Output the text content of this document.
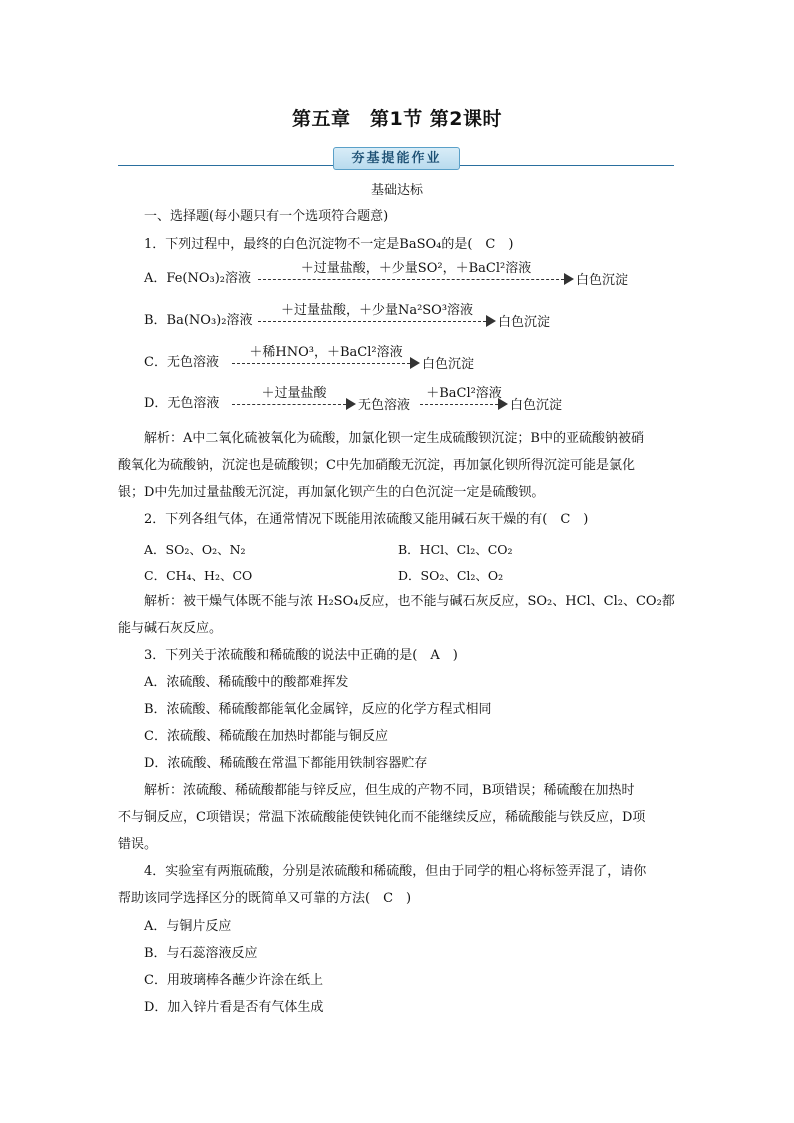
第五章　第1节 第2课时
夯基提能作业
基础达标
一、选择题(每小题只有一个选项符合题意)
1．下列过程中，最终的白色沉淀物不一定是BaSO₄的是(　C　)
A．Fe(NO₃)₂溶液
＋过量盐酸，＋少量SO²，＋BaCl²溶液
白色沉淀
B．Ba(NO₃)₂溶液
＋过量盐酸，＋少量Na²SO³溶液
白色沉淀
C．无色溶液
＋稀HNO³，＋BaCl²溶液
白色沉淀
D．无色溶液
＋过量盐酸
无色溶液
＋BaCl²溶液
白色沉淀
解析：A中二氧化硫被氧化为硫酸，加氯化钡一定生成硫酸钡沉淀；B中的亚硫酸钠被硝
酸氧化为硫酸钠，沉淀也是硫酸钡；C中先加硝酸无沉淀，再加氯化钡所得沉淀可能是氯化
银；D中先加过量盐酸无沉淀，再加氯化钡产生的白色沉淀一定是硫酸钡。
2．下列各组气体，在通常情况下既能用浓硫酸又能用碱石灰干燥的有(　C　)
A．SO₂、O₂、N₂	B．HCl、Cl₂、CO₂
C．CH₄、H₂、CO	D．SO₂、Cl₂、O₂
解析：被干燥气体既不能与浓 H₂SO₄反应，也不能与碱石灰反应，SO₂、HCl、Cl₂、CO₂都
能与碱石灰反应。
3．下列关于浓硫酸和稀硫酸的说法中正确的是(　A　)
A．浓硫酸、稀硫酸中的酸都难挥发
B．浓硫酸、稀硫酸都能氧化金属锌，反应的化学方程式相同
C．浓硫酸、稀硫酸在加热时都能与铜反应
D．浓硫酸、稀硫酸在常温下都能用铁制容器贮存
解析：浓硫酸、稀硫酸都能与锌反应，但生成的产物不同，B项错误；稀硫酸在加热时
不与铜反应，C项错误；常温下浓硫酸能使铁钝化而不能继续反应，稀硫酸能与铁反应，D项
错误。
4．实验室有两瓶硫酸，分别是浓硫酸和稀硫酸，但由于同学的粗心将标签弄混了，请你
帮助该同学选择区分的既简单又可靠的方法(　C　)
A．与铜片反应
B．与石蕊溶液反应
C．用玻璃棒各蘸少许涂在纸上
D．加入锌片看是否有气体生成
